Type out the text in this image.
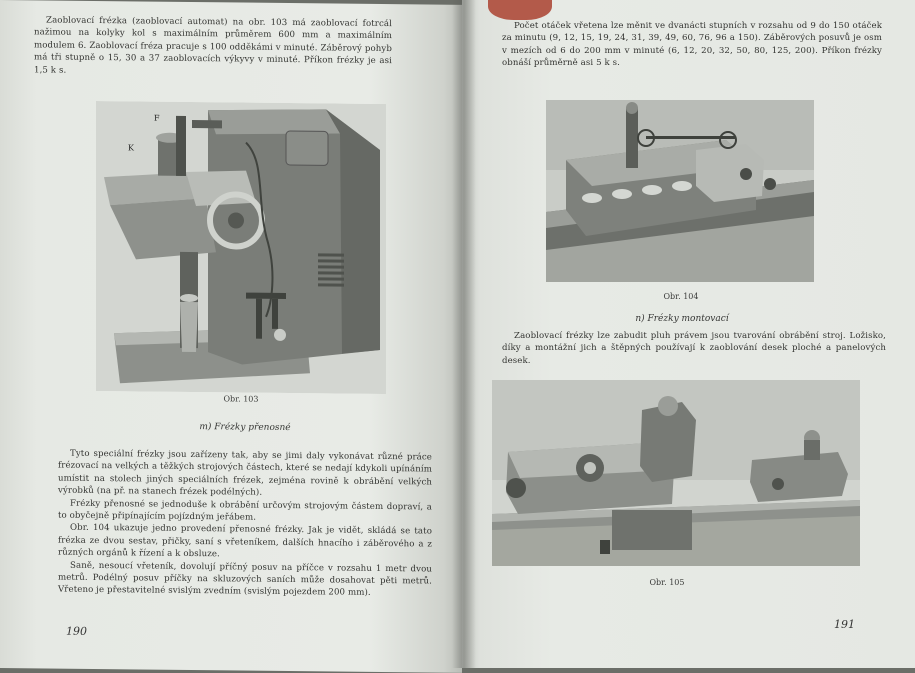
Zaoblovací frézka (zaoblovací automat) na obr. 103 má zaoblovací fotrcál nažimou na kolyky kol s maximálním průměrem 600 mm a maximálním modulem 6. Zaoblovací fréza pracuje s 100 odděkámi v minuté. Záběrový pohyb má tři stupně o 15, 30 a 37 zaoblovacích výkyvy v minuté. Příkon frézky je asi 1,5 k s.

F
K
Obr. 103
m) Frézky přenosné

Tyto speciální frézky jsou zařízeny tak, aby se jimi daly vykonávat různé práce frézovací na velkých a těžkých strojových částech, které se nedají kdykoli upínáním umístit na stolech jiných speciálních frézek, zejména rovině k obrábění velkých výrobků (na př. na stanech frézek podélných).

Frézky přenosné se jednoduše k obrábění určovým strojovým částem dopraví, a to obyčejně připínajícím pojízdným jeřábem.

Obr. 104 ukazuje jedno provedení přenosné frézky. Jak je vidět, skládá se tato frézka ze dvou sestav, přičky, saní s vřeteníkem, dalších hnacího i záběrového a z různých orgánů k řízení a k obsluze.

Saně, nesoucí vřeteník, dovolují příčný posuv na příčce v rozsahu 1 metr dvou metrů. Podélný posuv příčky na skluzových saních může dosahovat pěti metrů. Vřeteno je přestavitelné svislým zvedním (svislým pojezdem 200 mm).

190

Počet otáček vřetena lze měnit ve dvanácti stupních v rozsahu od 9 do 150 otáček za minutu (9, 12, 15, 19, 24, 31, 39, 49, 60, 76, 96 a 150). Záběrových posuvů je osm v mezích od 6 do 200 mm v minuté (6, 12, 20, 32, 50, 80, 125, 200). Příkon frézky obnáší průměrně asi 5 k s.

Obr. 104
n) Frézky montovací

Zaoblovací frézky lze zabudit pluh právem jsou tvarování obrábění stroj. Ložisko, díky a montážní jich a štěpných používají k zaoblování desek ploché a panelových desek.

Obr. 105
191
